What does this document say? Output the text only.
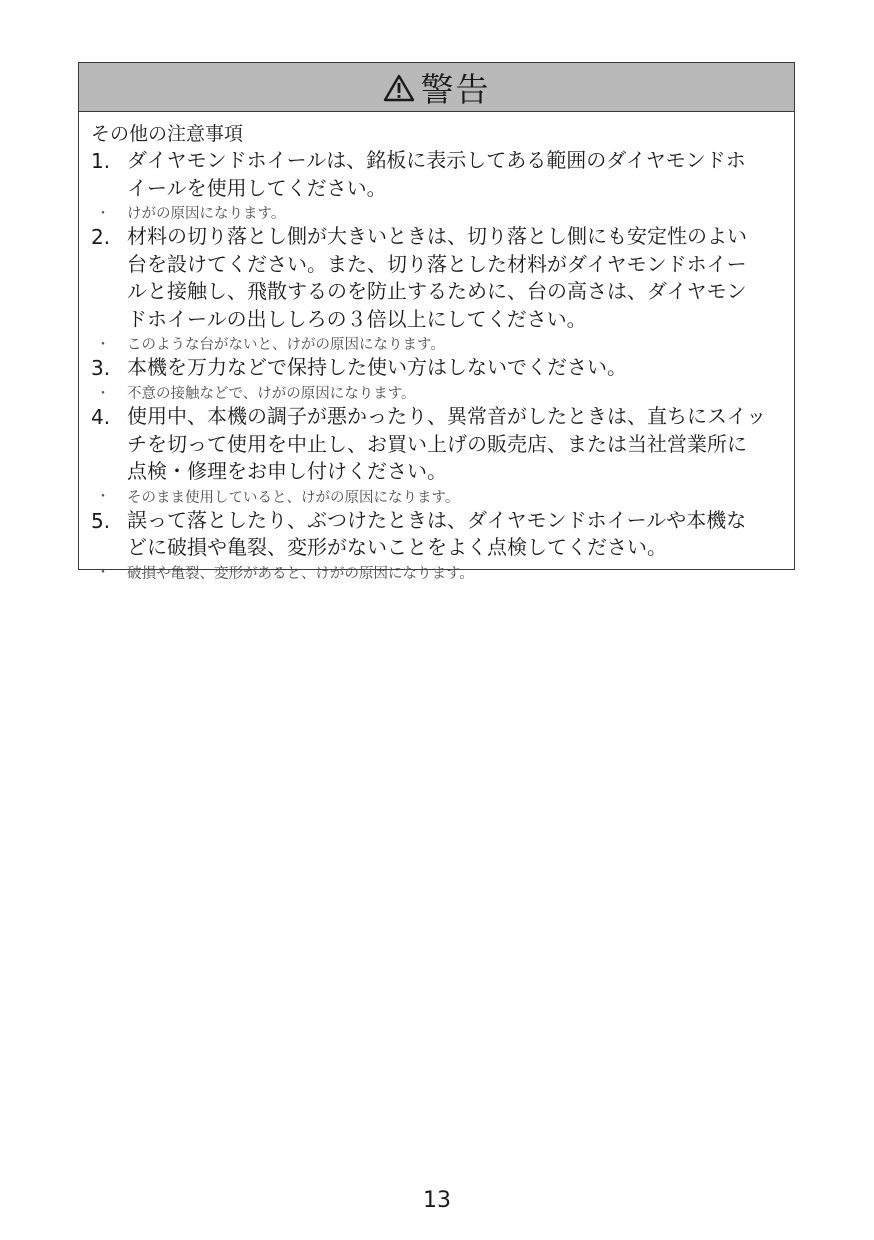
警告
その他の注意事項
1. ダイヤモンドホイールは、銘板に表示してある範囲のダイヤモンドホ
イールを使用してください。
・	けがの原因になります。
2. 材料の切り落とし側が大きいときは、切り落とし側にも安定性のよい
台を設けてください。また、切り落とした材料がダイヤモンドホイー
ルと接触し、飛散するのを防止するために、台の高さは、ダイヤモン
ドホイールの出ししろの３倍以上にしてください。
・	このような台がないと、けがの原因になります。
3. 本機を万力などで保持した使い方はしないでください。
・	不意の接触などで、けがの原因になります。
4. 使用中、本機の調子が悪かったり、異常音がしたときは、直ちにスイッ
チを切って使用を中止し、お買い上げの販売店、または当社営業所に
点検・修理をお申し付けください。
・	そのまま使用していると、けがの原因になります。
5. 誤って落としたり、ぶつけたときは、ダイヤモンドホイールや本機な
どに破損や亀裂、変形がないことをよく点検してください。
・	破損や亀裂、変形があると、けがの原因になります。
13
